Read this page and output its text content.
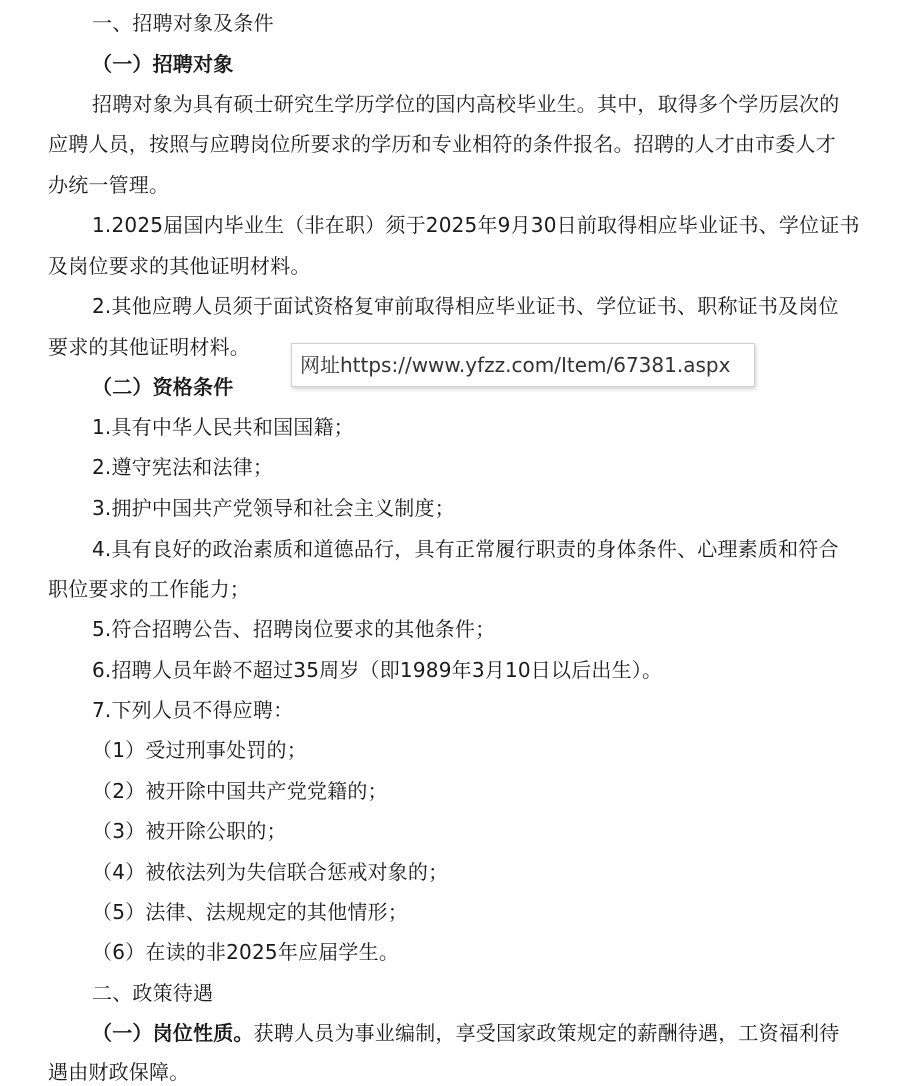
一、招聘对象及条件
（一）招聘对象
招聘对象为具有硕士研究生学历学位的国内高校毕业生。其中，取得多个学历层次的
应聘人员，按照与应聘岗位所要求的学历和专业相符的条件报名。招聘的人才由市委人才
办统一管理。
1.2025届国内毕业生（非在职）须于2025年9月30日前取得相应毕业证书、学位证书
及岗位要求的其他证明材料。
2.其他应聘人员须于面试资格复审前取得相应毕业证书、学位证书、职称证书及岗位
要求的其他证明材料。
（二）资格条件
1.具有中华人民共和国国籍；
2.遵守宪法和法律；
3.拥护中国共产党领导和社会主义制度；
4.具有良好的政治素质和道德品行，具有正常履行职责的身体条件、心理素质和符合
职位要求的工作能力；
5.符合招聘公告、招聘岗位要求的其他条件；
6.招聘人员年龄不超过35周岁（即1989年3月10日以后出生）。
7.下列人员不得应聘：
（1）受过刑事处罚的；
（2）被开除中国共产党党籍的；
（3）被开除公职的；
（4）被依法列为失信联合惩戒对象的；
（5）法律、法规规定的其他情形；
（6）在读的非2025年应届学生。
二、政策待遇
（一）岗位性质。获聘人员为事业编制，享受国家政策规定的薪酬待遇，工资福利待
遇由财政保障。
网址https://www.yfzz.com/Item/67381.aspx
